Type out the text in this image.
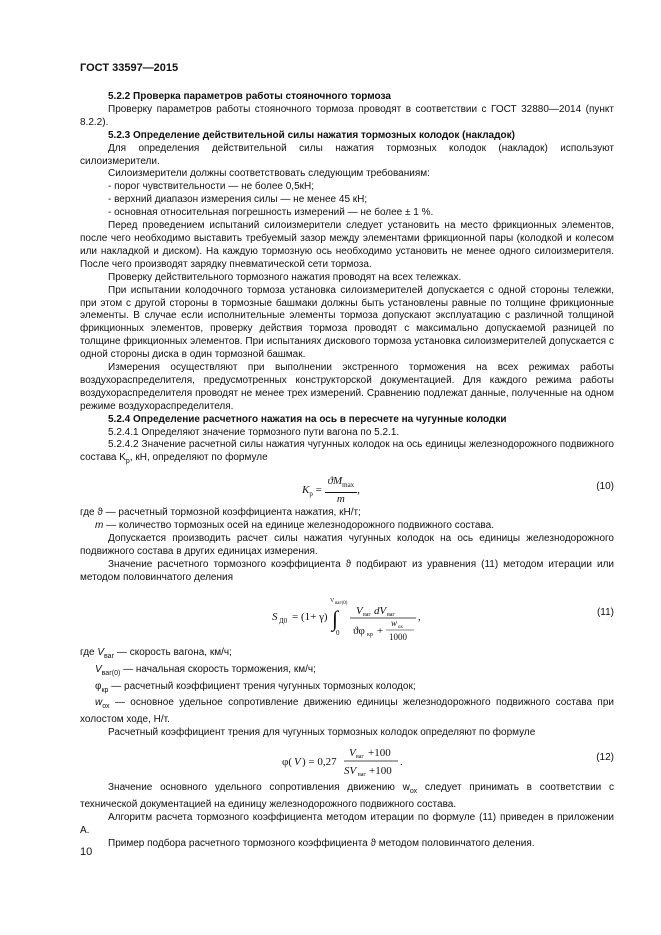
ГОСТ 33597—2015

5.2.2 Проверка параметров работы стояночного тормоза

Проверку параметров работы стояночного тормоза проводят в соответствии с ГОСТ 32880—2014 (пункт 8.2.2).

5.2.3 Определение действительной силы нажатия тормозных колодок (накладок)

Для определения действительной силы нажатия тормозных колодок (накладок) используют силоизмерители.

Силоизмерители должны соответствовать следующим требованиям:

- порог чувствительности — не более 0,5кН;

- верхний диапазон измерения силы — не менее 45 кН;

- основная относительная погрешность измерений — не более ± 1 %.

Перед проведением испытаний силоизмерители следует установить на место фрикционных элементов, после чего необходимо выставить требуемый зазор между элементами фрикционной пары (колодкой и колесом или накладкой и диском). На каждую тормозную ось необходимо установить не менее одного силоизмерителя. После чего производят зарядку пневматической сети тормоза.

Проверку действительного тормозного нажатия проводят на всех тележках.

При испытании колодочного тормоза установка силоизмерителей допускается с одной стороны тележки, при этом с другой стороны в тормозные башмаки должны быть установлены равные по толщине фрикционные элементы. В случае если исполнительные элементы тормоза допускают эксплуатацию с различной толщиной фрикционных элементов, проверку действия тормоза проводят с максимально допускаемой разницей по толщине фрикционных элементов. При испытаниях дискового тормоза установка силоизмерителей допускается с одной стороны диска в один тормозной башмак.

Измерения осуществляют при выполнении экстренного торможения на всех режимах работы воздухораспределителя, предусмотренных конструкторской документацией. Для каждого режима работы воздухораспределителя проводят не менее трех измерений. Сравнению подлежат данные, полученные на одном режиме воздухораспределителя.

5.2.4 Определение расчетного нажатия на ось в пересчете на чугунные колодки

5.2.4.1 Определяют значение тормозного пути вагона по 5.2.1.

5.2.4.2 Значение расчетной силы нажатия чугунных колодок на ось единицы железнодорожного подвижного состава $K_р$, кН, определяют по формуле

$K_р = \frac{ϑM_{max}}{m}$ ,	(10)

где ϑ — расчетный тормозной коэффициента нажатия, кН/т;

m — количество тормозных осей на единице железнодорожного подвижного состава.

Допускается производить расчет силы нажатия чугунных колодок на ось единицы железнодорожного подвижного состава в других единицах измерения.

Значение расчетного тормозного коэффициента ϑ подбирают из уравнения (11) методом итерации или методом половинчатого деления

S Д0 = (1+ γ) ∫
V ваг(0)
0
V ваг dV ваг
ϑφ кр +
w ох
1000
,	(11)

где $V_{ваг}$ — скорость вагона, км/ч;

$V_{ваг(0)}$ — начальная скорость торможения, км/ч;

$\varphi_{кр}$ — расчетный коэффициент трения чугунных тормозных колодок;

$w_{ох}$ — основное удельное сопротивление движению единицы железнодорожного подвижного состава при холостом ходе, Н/т.

Расчетный коэффициент трения для чугунных тормозных колодок определяют по формуле

φ( V ) = 0,27
V ваг +100
SV ваг +100
.	(12)

Значение основного удельного сопротивления движению $w_{ох}$ следует принимать в соответствии с технической документацией на единицу железнодорожного подвижного состава.

Алгоритм расчета тормозного коэффициента методом итерации по формуле (11) приведен в приложении А.

Пример подбора расчетного тормозного коэффициента ϑ методом половинчатого деления.

10
